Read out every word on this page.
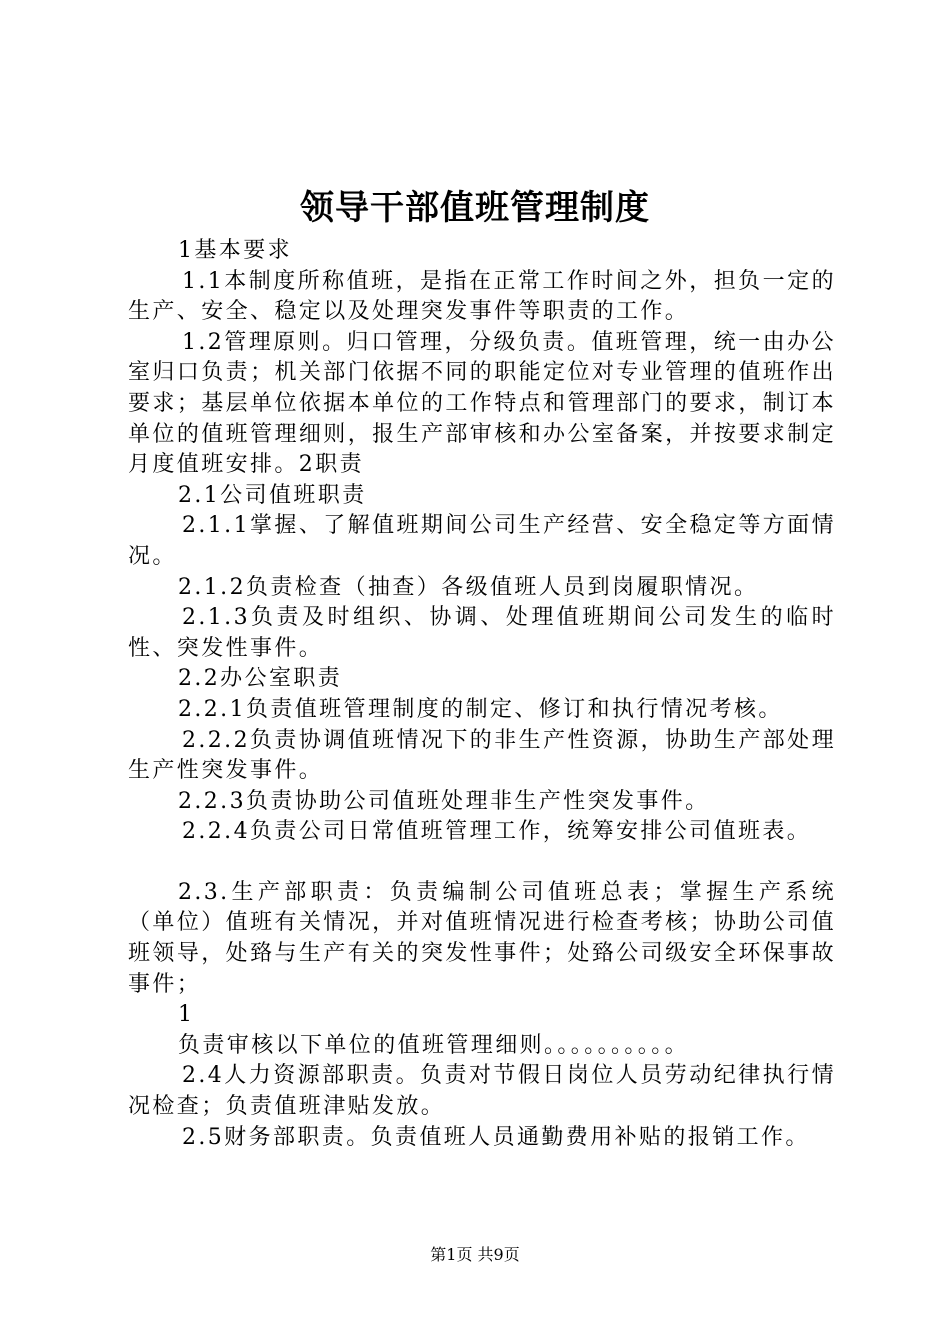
领导干部值班管理制度

1基本要求

1.1本制度所称值班，是指在正常工作时间之外，担负一定的生产、安全、稳定以及处理突发事件等职责的工作。

1.2管理原则。归口管理，分级负责。值班管理，统一由办公室归口负责；机关部门依据不同的职能定位对专业管理的值班作出要求；基层单位依据本单位的工作特点和管理部门的要求，制订本单位的值班管理细则，报生产部审核和办公室备案，并按要求制定月度值班安排。2职责

2.1公司值班职责

2.1.1掌握、了解值班期间公司生产经营、安全稳定等方面情况。

2.1.2负责检查（抽查）各级值班人员到岗履职情况。

2.1.3负责及时组织、协调、处理值班期间公司发生的临时性、突发性事件。

2.2办公室职责

2.2.1负责值班管理制度的制定、修订和执行情况考核。

2.2.2负责协调值班情况下的非生产性资源，协助生产部处理生产性突发事件。

2.2.3负责协助公司值班处理非生产性突发事件。

2.2.4负责公司日常值班管理工作，统筹安排公司值班表。

2.3.生产部职责：负责编制公司值班总表；掌握生产系统（单位）值班有关情况，并对值班情况进行检查考核；协助公司值班领导，处臵与生产有关的突发性事件；处臵公司级安全环保事故事件；

1

负责审核以下单位的值班管理细则。。。。。。。。。。

2.4人力资源部职责。负责对节假日岗位人员劳动纪律执行情况检查；负责值班津贴发放。

2.5财务部职责。负责值班人员通勤费用补贴的报销工作。

第1页 共9页
